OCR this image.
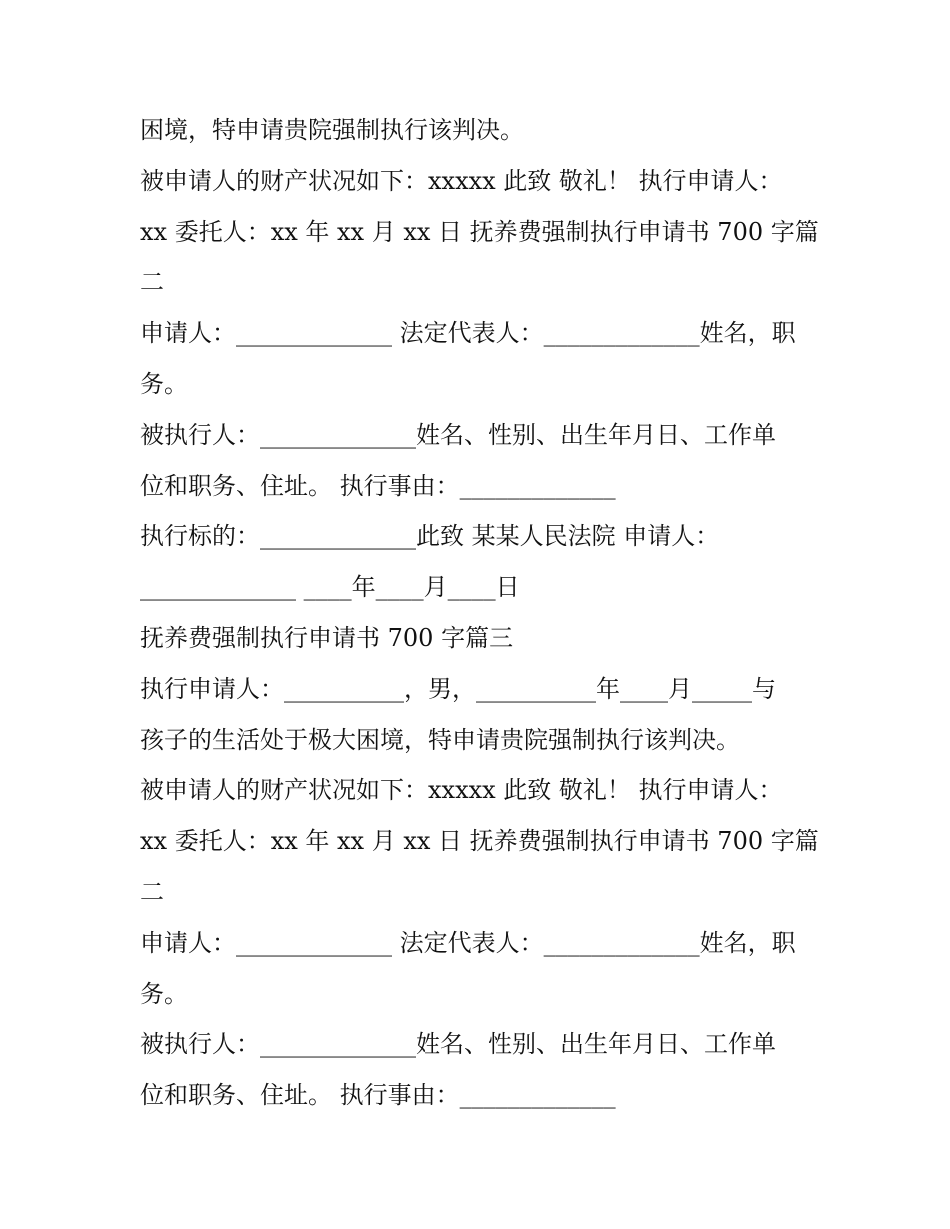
困境，特申请贵院强制执行该判决。
被申请人的财产状况如下：xxxxx 此致 敬礼！ 执行申请人：
xx 委托人：xx 年 xx 月 xx 日 抚养费强制执行申请书 700 字篇
二
申请人：_____________ 法定代表人：_____________姓名，职
务。
被执行人：_____________姓名、性别、出生年月日、工作单
位和职务、住址。 执行事由：_____________
执行标的：_____________此致 某某人民法院 申请人：
_____________ ____年____月____日
抚养费强制执行申请书 700 字篇三
执行申请人：__________，男，__________年____月_____与
孩子的生活处于极大困境，特申请贵院强制执行该判决。
被申请人的财产状况如下：xxxxx 此致 敬礼！ 执行申请人：
xx 委托人：xx 年 xx 月 xx 日 抚养费强制执行申请书 700 字篇
二
申请人：_____________ 法定代表人：_____________姓名，职
务。
被执行人：_____________姓名、性别、出生年月日、工作单
位和职务、住址。 执行事由：_____________
